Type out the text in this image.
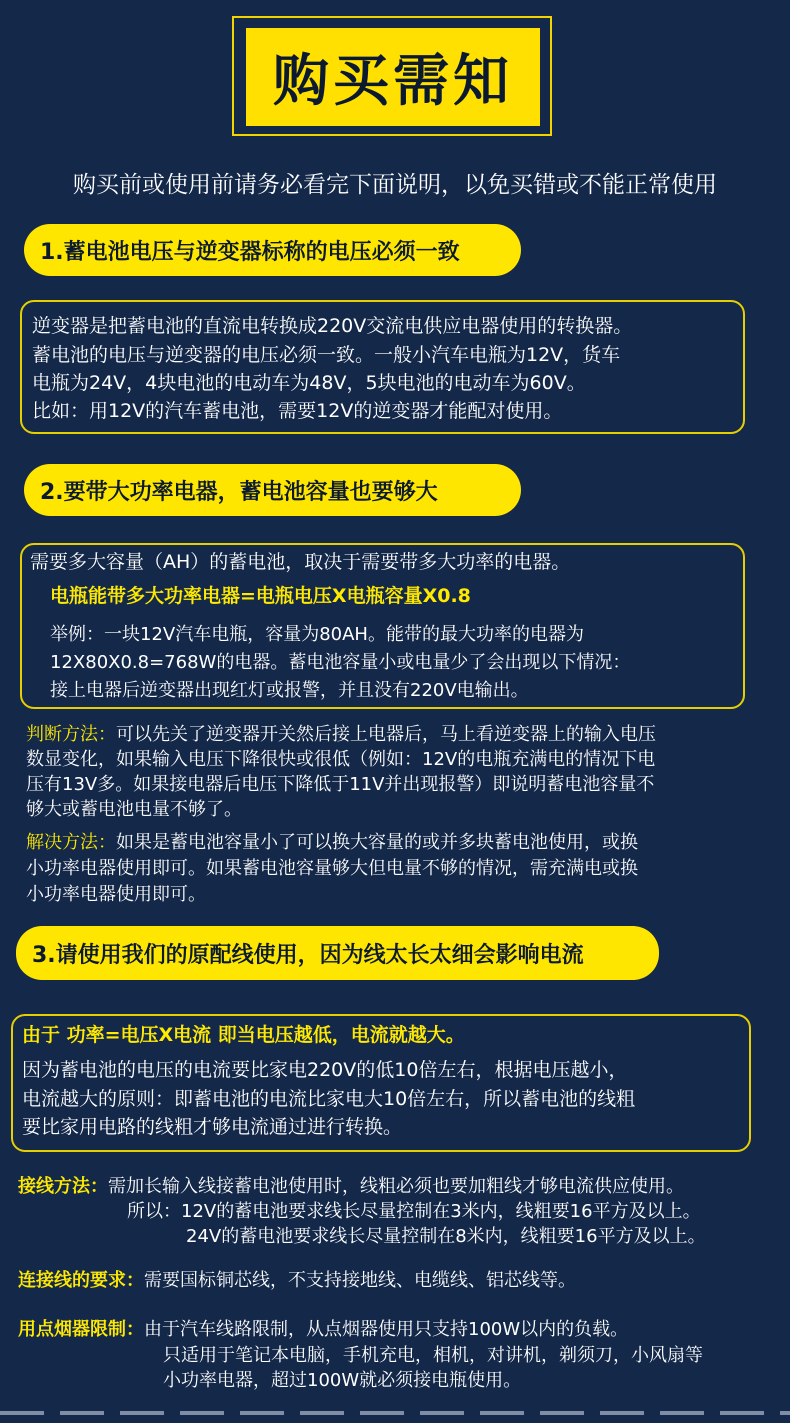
购买需知
购买前或使用前请务必看完下面说明，以免买错或不能正常使用
1.蓄电池电压与逆变器标称的电压必须一致
逆变器是把蓄电池的直流电转换成220V交流电供应电器使用的转换器。
蓄电池的电压与逆变器的电压必须一致。一般小汽车电瓶为12V，货车
电瓶为24V，4块电池的电动车为48V，5块电池的电动车为60V。
比如：用12V的汽车蓄电池，需要12V的逆变器才能配对使用。
2.要带大功率电器，蓄电池容量也要够大
需要多大容量（AH）的蓄电池，取决于需要带多大功率的电器。
电瓶能带多大功率电器=电瓶电压X电瓶容量X0.8
举例：一块12V汽车电瓶，容量为80AH。能带的最大功率的电器为
12X80X0.8=768W的电器。蓄电池容量小或电量少了会出现以下情况：
接上电器后逆变器出现红灯或报警，并且没有220V电输出。
判断方法：可以先关了逆变器开关然后接上电器后，马上看逆变器上的输入电压
数显变化，如果输入电压下降很快或很低（例如：12V的电瓶充满电的情况下电
压有13V多。如果接电器后电压下降低于11V并出现报警）即说明蓄电池容量不
够大或蓄电池电量不够了。
解决方法：如果是蓄电池容量小了可以换大容量的或并多块蓄电池使用，或换
小功率电器使用即可。如果蓄电池容量够大但电量不够的情况，需充满电或换
小功率电器使用即可。
3.请使用我们的原配线使用，因为线太长太细会影响电流
由于 功率=电压X电流 即当电压越低，电流就越大。
因为蓄电池的电压的电流要比家电220V的低10倍左右，根据电压越小，
电流越大的原则：即蓄电池的电流比家电大10倍左右，所以蓄电池的线粗
要比家用电路的线粗才够电流通过进行转换。
接线方法：需加长输入线接蓄电池使用时，线粗必须也要加粗线才够电流供应使用。
所以：12V的蓄电池要求线长尽量控制在3米内，线粗要16平方及以上。
24V的蓄电池要求线长尽量控制在8米内，线粗要16平方及以上。
连接线的要求：需要国标铜芯线，不支持接地线、电缆线、铝芯线等。
用点烟器限制：由于汽车线路限制，从点烟器使用只支持100W以内的负载。
只适用于笔记本电脑，手机充电，相机，对讲机，剃须刀，小风扇等
小功率电器，超过100W就必须接电瓶使用。
